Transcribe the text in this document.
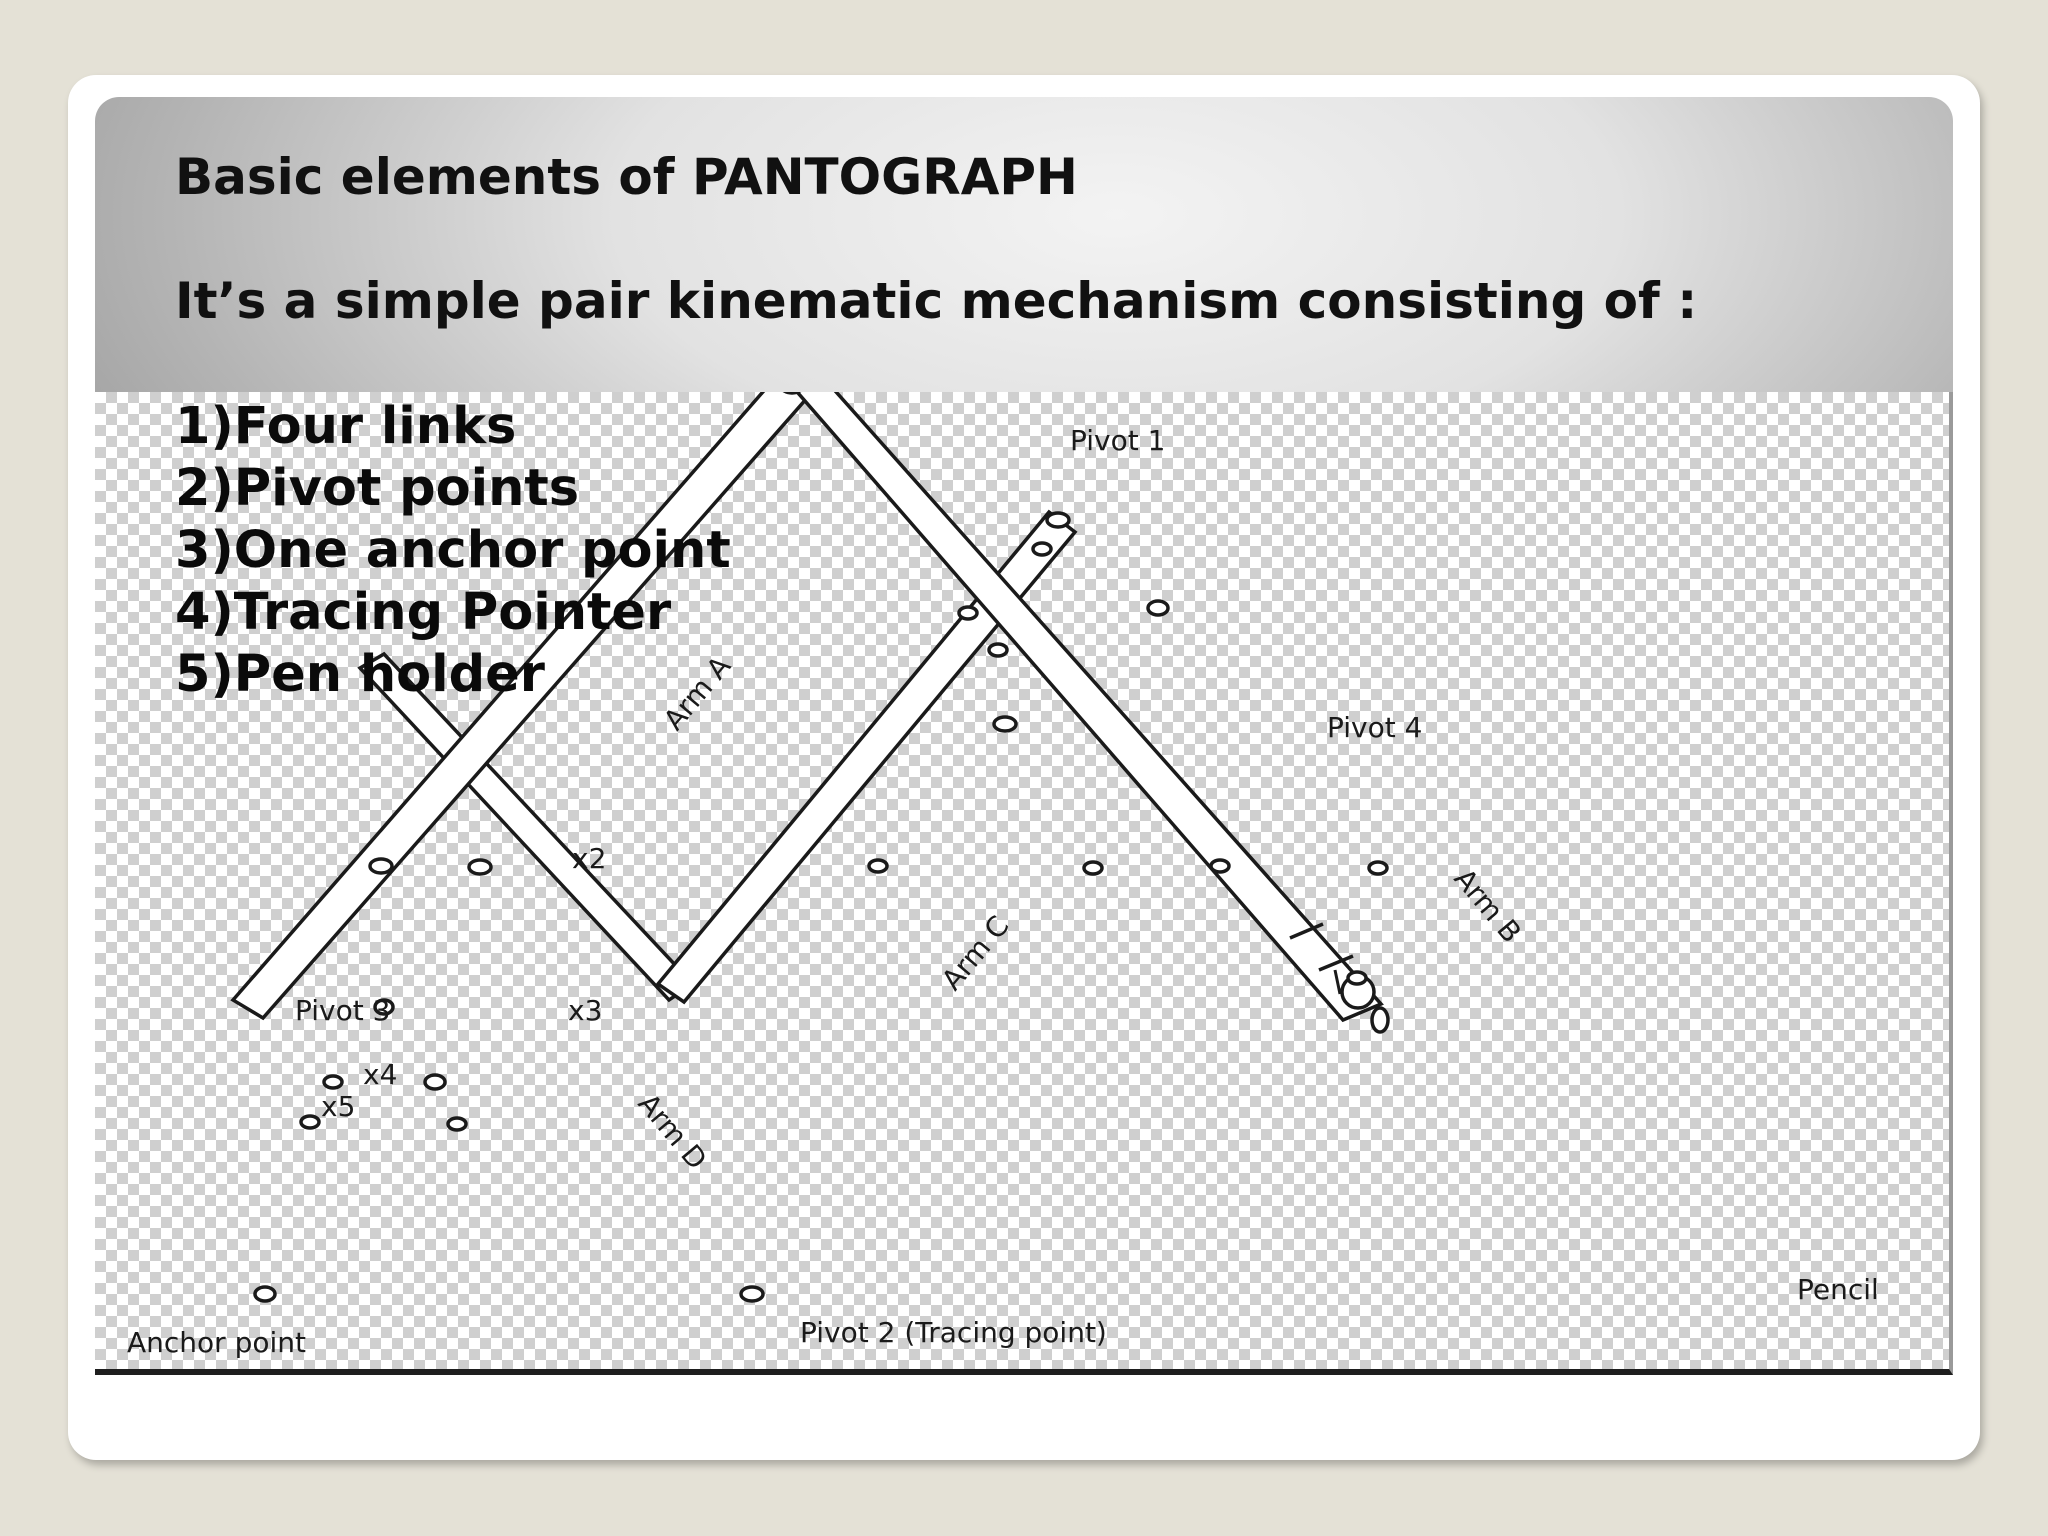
Pivot 1
Pivot 4
Pivot 3
Pivot 2 (Tracing point)
Anchor point
Pencil
x2
x3
x4
x5
Arm A
Arm B
Arm C
Arm D
Basic elements of PANTOGRAPH
It’s a simple pair kinematic mechanism consisting of :
1)Four links
2)Pivot points
3)One anchor point
4)Tracing Pointer
5)Pen holder
